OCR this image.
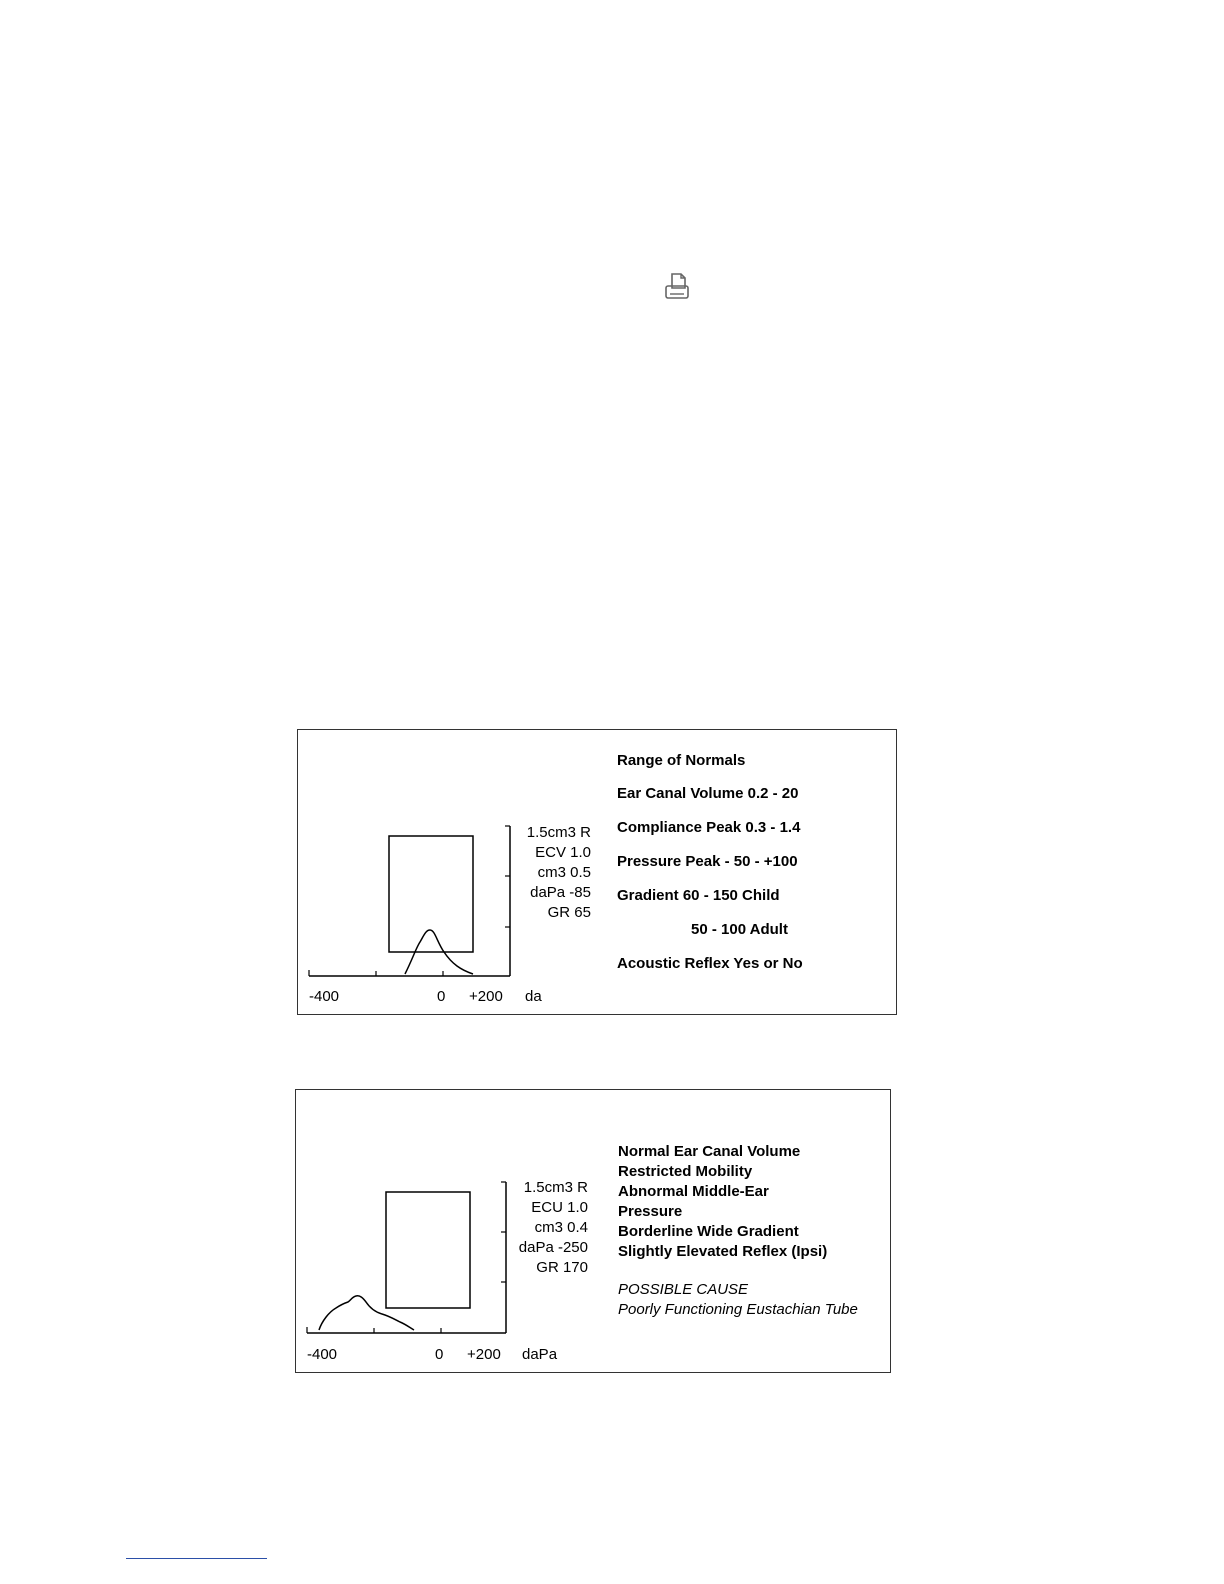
1.5cm3 R
ECV 1.0
cm3 0.5
daPa -85
GR 65
-400	0 +200 da
Range of Normals
Ear Canal Volume 0.2 - 20
Compliance Peak 0.3 - 1.4
Pressure Peak - 50 - +100
Gradient 60 - 150 Child
50 - 100 Adult
Acoustic Reflex Yes or No
1.5cm3 R
ECU 1.0
cm3 0.4
daPa -250
GR 170
-400	0 +200 daPa
Normal Ear Canal Volume
Restricted Mobility
Abnormal Middle-Ear
Pressure
Borderline Wide Gradient
Slightly Elevated Reflex (Ipsi)
POSSIBLE CAUSE
Poorly Functioning Eustachian Tube
